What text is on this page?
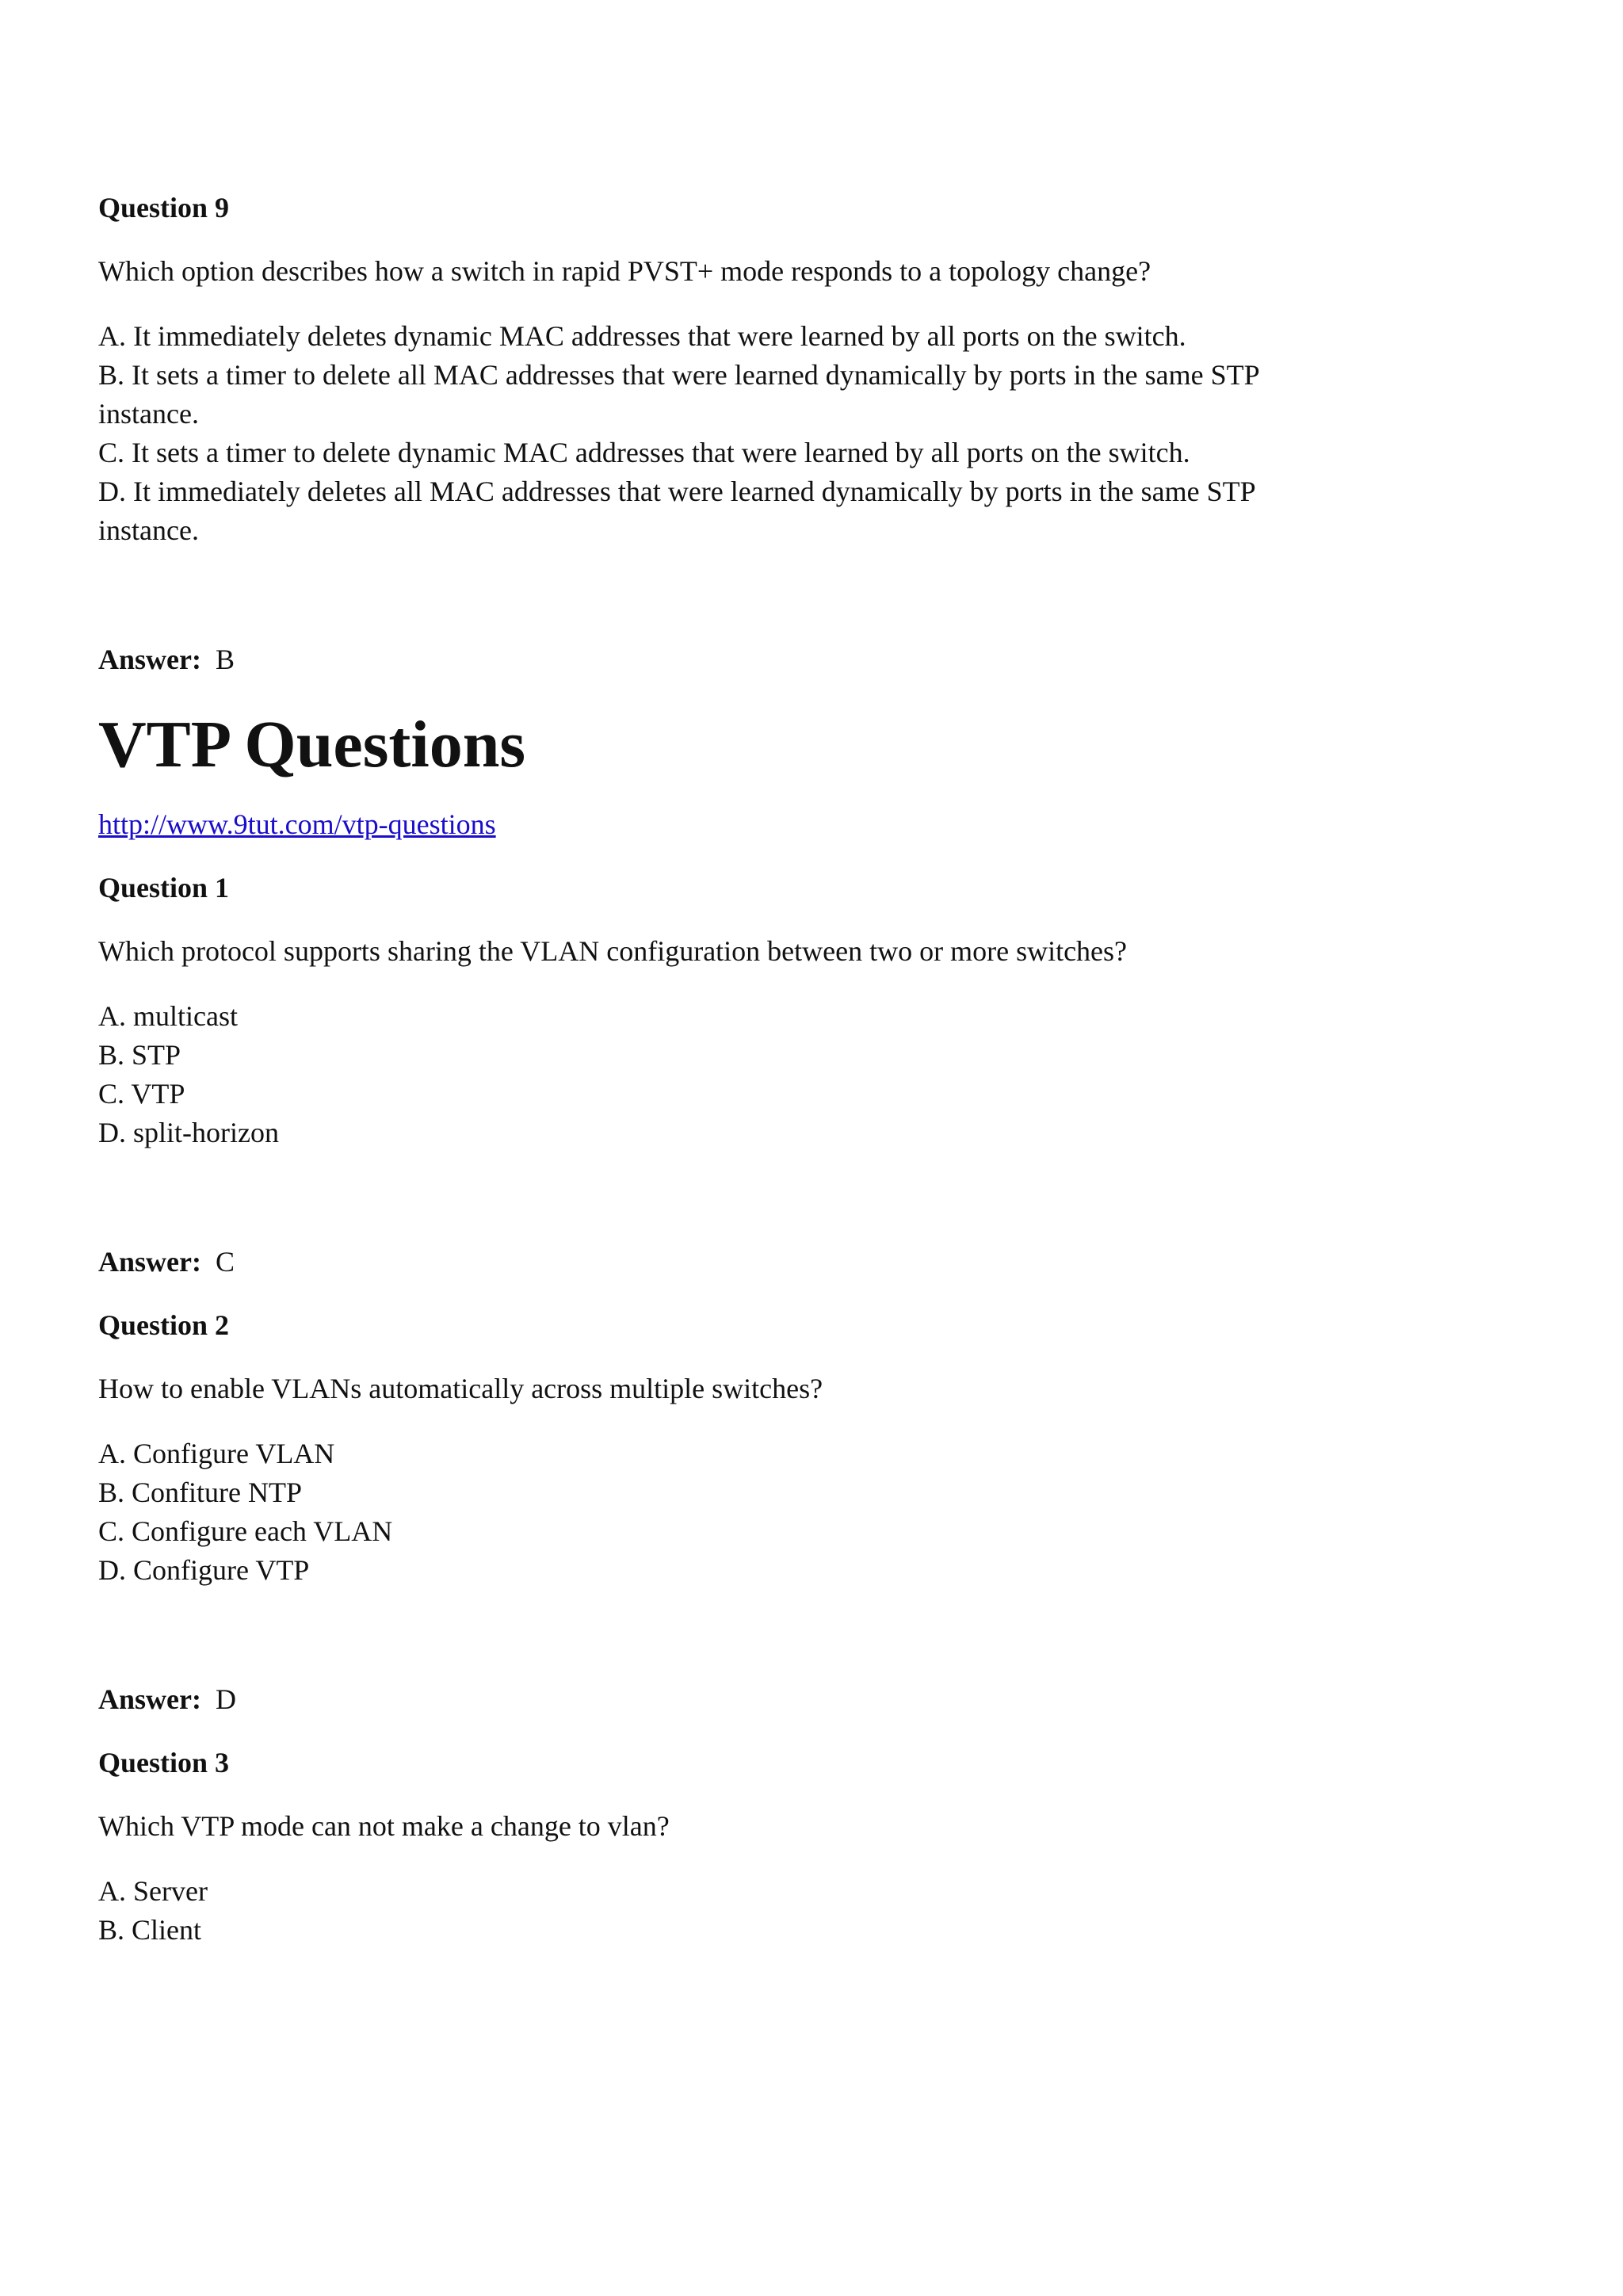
Question 9
Which option describes how a switch in rapid PVST+ mode responds to a topology change?
A. It immediately deletes dynamic MAC addresses that were learned by all ports on the switch.
B. It sets a timer to delete all MAC addresses that were learned dynamically by ports in the same STP instance.
C. It sets a timer to delete dynamic MAC addresses that were learned by all ports on the switch.
D. It immediately deletes all MAC addresses that were learned dynamically by ports in the same STP instance.
Answer: B
VTP Questions
http://www.9tut.com/vtp-questions
Question 1
Which protocol supports sharing the VLAN configuration between two or more switches?
A. multicast
B. STP
C. VTP
D. split-horizon
Answer: C
Question 2
How to enable VLANs automatically across multiple switches?
A. Configure VLAN
B. Confiture NTP
C. Configure each VLAN
D. Configure VTP
Answer: D
Question 3
Which VTP mode can not make a change to vlan?
A. Server
B. Client
